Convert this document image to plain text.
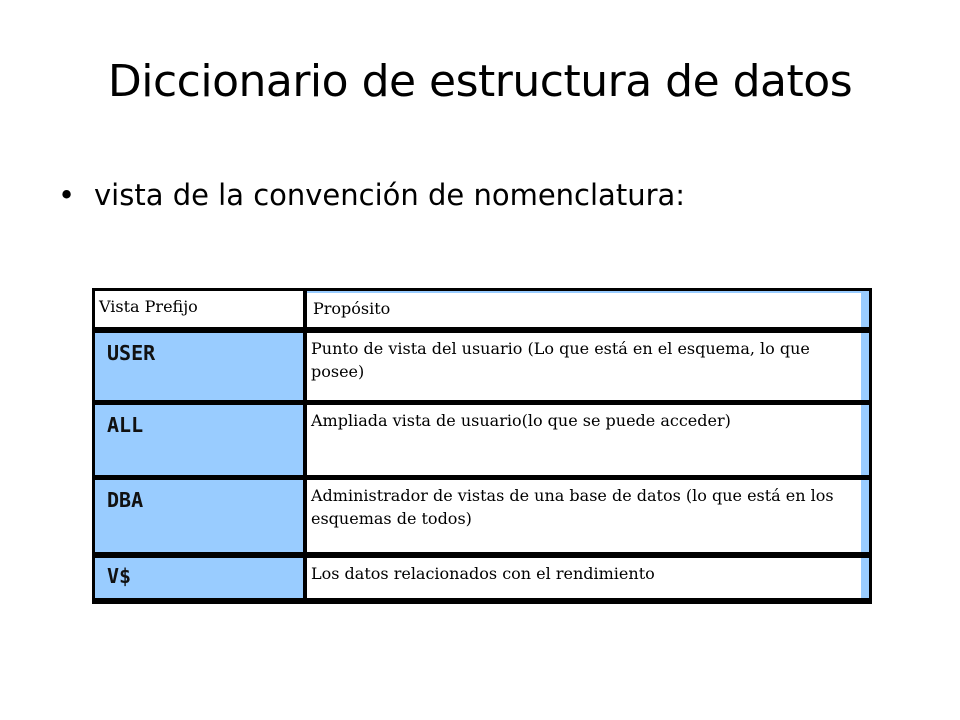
Diccionario de estructura de datos
• vista de la convención de nomenclatura:
Vista Prefijo	Propósito
USER	Punto de vista del usuario (Lo que está en el esquema, lo que posee)
ALL	Ampliada vista de usuario(lo que se puede acceder)
DBA	Administrador de vistas de una base de datos (lo que está en los esquemas de todos)
V$	Los datos relacionados con el rendimiento
